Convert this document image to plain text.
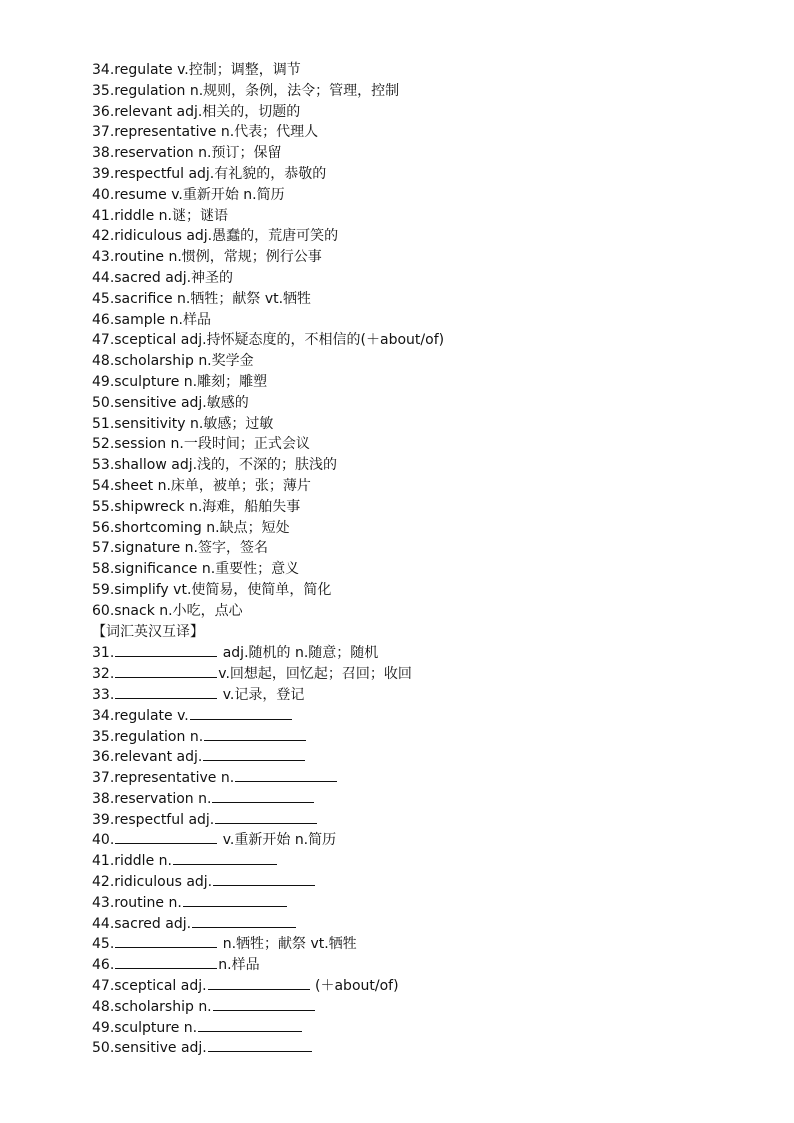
34.regulate v.控制；调整，调节
35.regulation n.规则，条例，法令；管理，控制
36.relevant adj.相关的，切题的
37.representative n.代表；代理人
38.reservation n.预订；保留
39.respectful adj.有礼貌的，恭敬的
40.resume v.重新开始 n.简历
41.riddle n.谜；谜语
42.ridiculous adj.愚蠢的，荒唐可笑的
43.routine n.惯例，常规；例行公事
44.sacred adj.神圣的
45.sacrifice n.牺牲；献祭 vt.牺牲
46.sample n.样品
47.sceptical adj.持怀疑态度的，不相信的(＋about/of)
48.scholarship n.奖学金
49.sculpture n.雕刻；雕塑
50.sensitive adj.敏感的
51.sensitivity n.敏感；过敏
52.session n.一段时间；正式会议
53.shallow adj.浅的，不深的；肤浅的
54.sheet n.床单，被单；张；薄片
55.shipwreck n.海难，船舶失事
56.shortcoming n.缺点；短处
57.signature n.签字，签名
58.significance n.重要性；意义
59.simplify vt.使简易，使简单，简化
60.snack n.小吃，点心
【词汇英汉互译】
31.	adj.随机的 n.随意；随机
32.	v.回想起，回忆起；召回；收回
33.	v.记录，登记
34.regulate v.
35.regulation n.
36.relevant adj.
37.representative n.
38.reservation n.
39.respectful adj.
40.	v.重新开始 n.简历
41.riddle n.
42.ridiculous adj.
43.routine n.
44.sacred adj.
45.	n.牺牲；献祭 vt.牺牲
46.	n.样品
47.sceptical adj.	(＋about/of)
48.scholarship n.
49.sculpture n.
50.sensitive adj.
